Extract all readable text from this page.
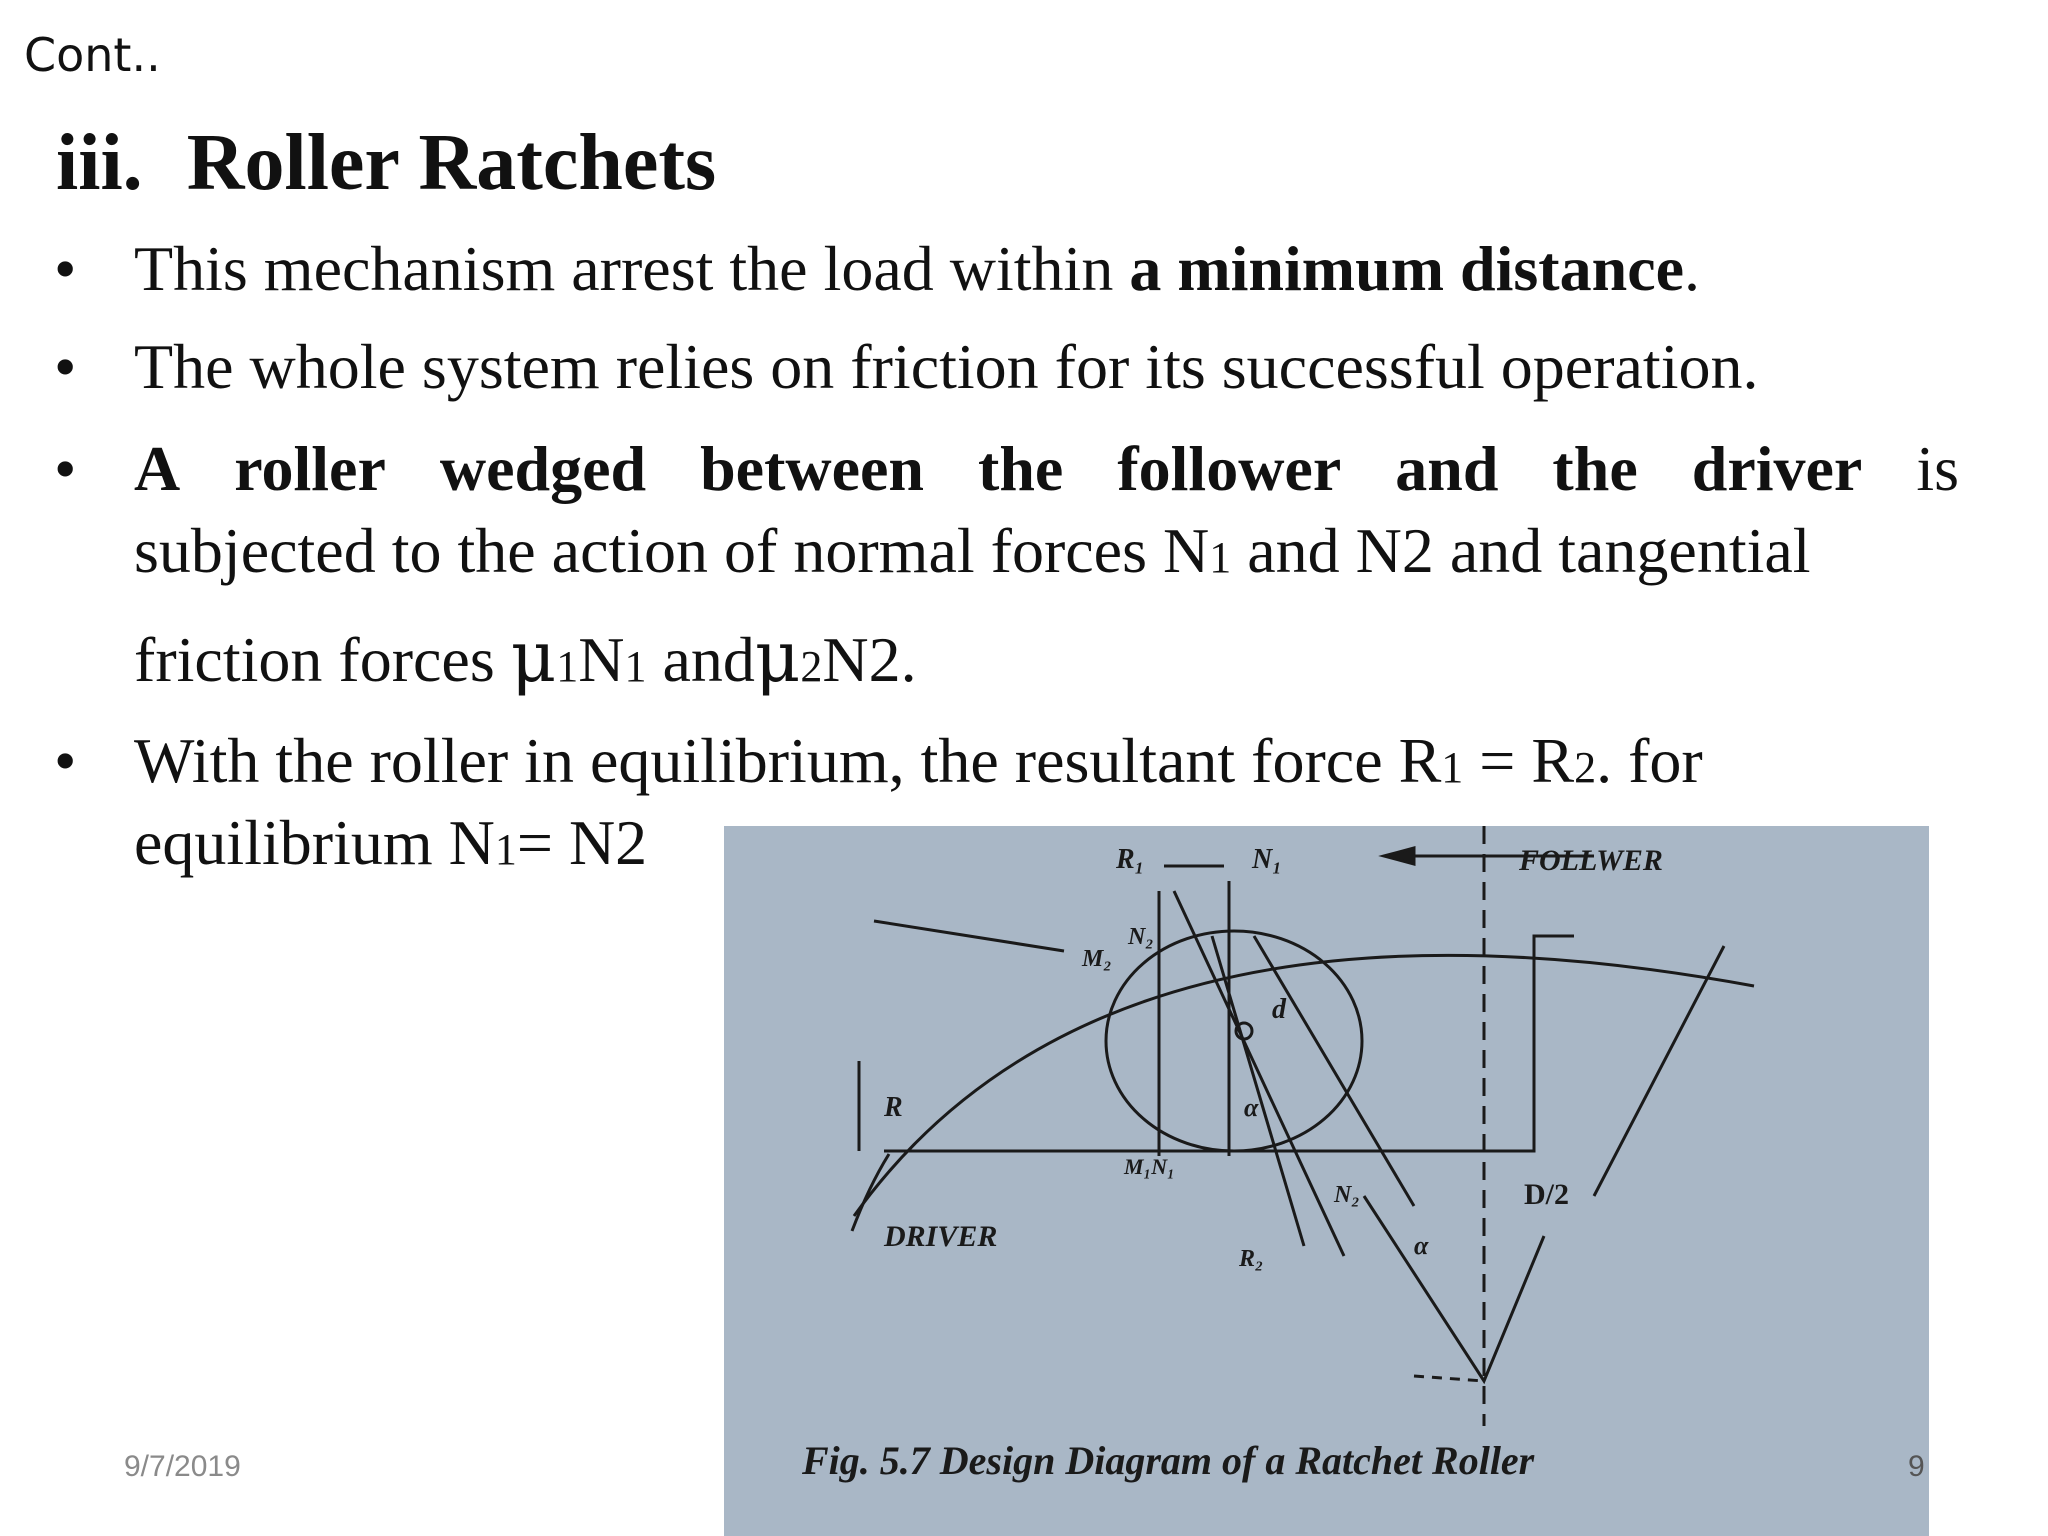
Cont..
iii. Roller Ratchets
• This mechanism arrest the load within a minimum distance.
• The whole system relies on friction for its successful operation.
• A roller wedged between the follower and the driver is
subjected to the action of normal forces N1 and N2 and tangential
friction forces μ1N1 andμ2N2.
• With the roller in equilibrium, the resultant force R1 = R2. for
equilibrium N1= N2
9/7/2019
R₁	N₁	FOLLWER
N₂
M₂
d
R	α
M₁N₁
N₂	D/2
DRIVER
R₂	α
Fig. 5.7 Design Diagram of a Ratchet Roller	9
